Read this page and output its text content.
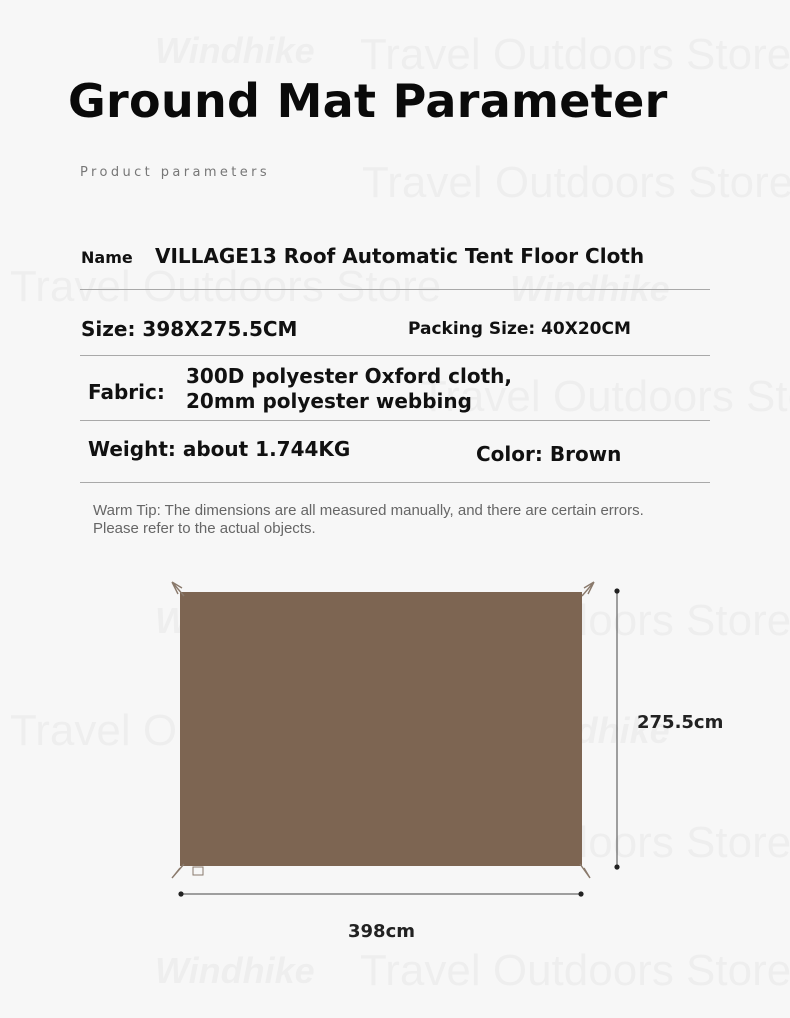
Ground Mat Parameter
Product parameters
Name VILLAGE13 Roof Automatic Tent Floor Cloth
Size: 398X275.5CM	Packing Size: 40X20CM
Fabric:
300D polyester Oxford cloth,
20mm polyester webbing
Weight: about 1.744KG	Color: Brown
Warm Tip: The dimensions are all measured manually, and there are certain errors.
Please refer to the actual objects.
398cm
275.5cm
